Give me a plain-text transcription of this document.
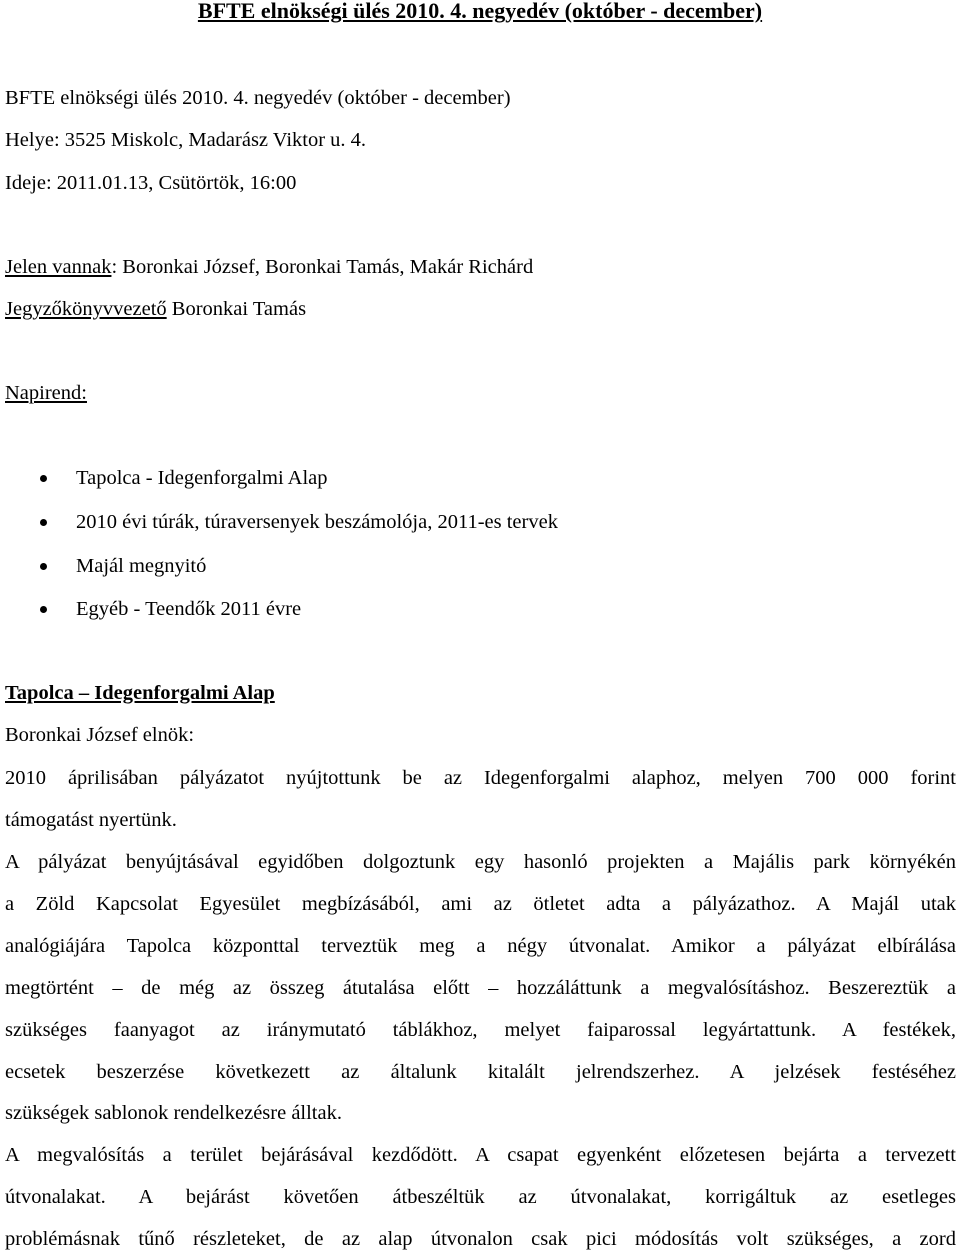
BFTE elnökségi ülés 2010. 4. negyedév (október - december)
BFTE elnökségi ülés 2010. 4. negyedév (október - december)
Helye: 3525 Miskolc, Madarász Viktor u. 4.
Ideje: 2011.01.13, Csütörtök, 16:00
Jelen vannak: Boronkai József, Boronkai Tamás, Makár Richárd
Jegyzőkönyvvezető Boronkai Tamás
Napirend:
Tapolca - Idegenforgalmi Alap
2010 évi túrák, túraversenyek beszámolója, 2011-es tervek
Majál megnyitó
Egyéb - Teendők 2011 évre
Tapolca – Idegenforgalmi Alap
Boronkai József elnök:
2010 áprilisában pályázatot nyújtottunk be az Idegenforgalmi alaphoz, melyen 700 000 forint
támogatást nyertünk.
A pályázat benyújtásával egyidőben dolgoztunk egy hasonló projekten a Majális park környékén
a Zöld Kapcsolat Egyesület megbízásából, ami az ötletet adta a pályázathoz. A Majál utak
analógiájára Tapolca központtal terveztük meg a négy útvonalat. Amikor a pályázat elbírálása
megtörtént – de még az összeg átutalása előtt – hozzáláttunk a megvalósításhoz. Beszereztük a
szükséges faanyagot az iránymutató táblákhoz, melyet faiparossal legyártattunk. A festékek,
ecsetek beszerzése következett az általunk kitalált jelrendszerhez. A jelzések festéséhez
szükségek sablonok rendelkezésre álltak.
A megvalósítás a terület bejárásával kezdődött. A csapat egyenként előzetesen bejárta a tervezett
útvonalakat. A bejárást követően átbeszéltük az útvonalakat, korrigáltuk az esetleges
problémásnak tűnő részleteket, de az alap útvonalon csak pici módosítás volt szükséges, a zord
